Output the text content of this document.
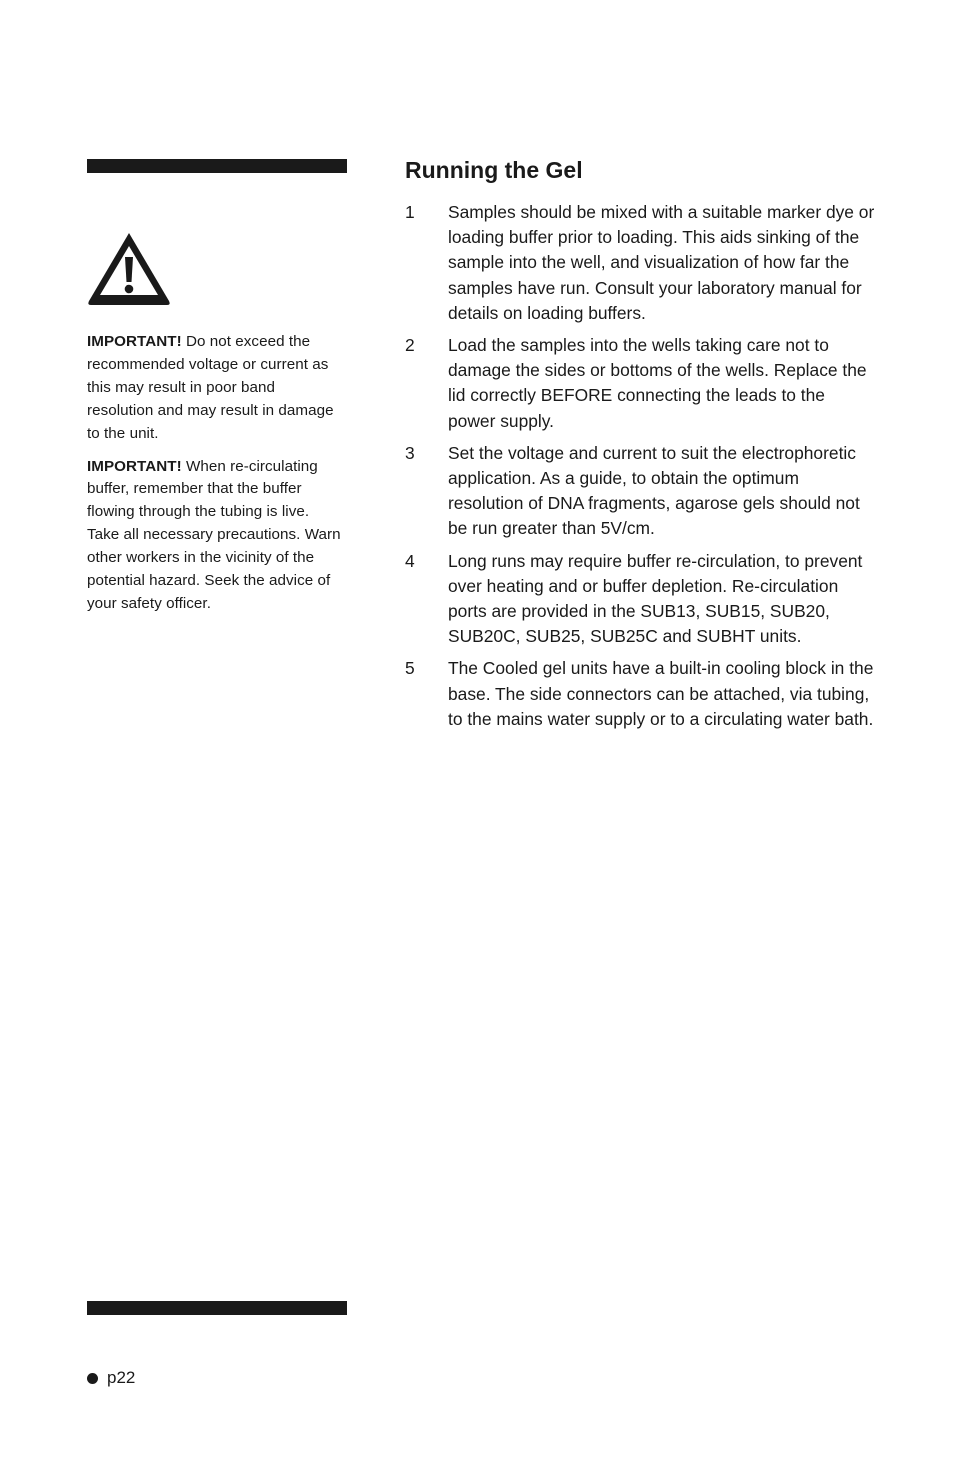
IMPORTANT! Do not exceed the recommended voltage or current as this may result in poor band resolution and may result in damage to the unit.

IMPORTANT! When re-circulating buffer, remember that the buffer flowing through the tubing is live. Take all necessary precautions. Warn other workers in the vicinity of the potential hazard. Seek the advice of your safety officer.

Running the Gel
1 Samples should be mixed with a suitable marker dye or loading buffer prior to loading. This aids sinking of the sample into the well, and visualization of how far the samples have run. Consult your laboratory manual for details on loading buffers.
2 Load the samples into the wells taking care not to damage the sides or bottoms of the wells. Replace the lid correctly BEFORE connecting the leads to the power supply.
3 Set the voltage and current to suit the electrophoretic application. As a guide, to obtain the optimum resolution of DNA fragments, agarose gels should not be run greater than 5V/cm.
4 Long runs may require buffer re-circulation, to prevent over heating and or buffer depletion. Re-circulation ports are provided in the SUB13, SUB15, SUB20, SUB20C, SUB25, SUB25C and SUBHT units.
5 The Cooled gel units have a built-in cooling block in the base. The side connectors can be attached, via tubing, to the mains water supply or to a circulating water bath.
p22
